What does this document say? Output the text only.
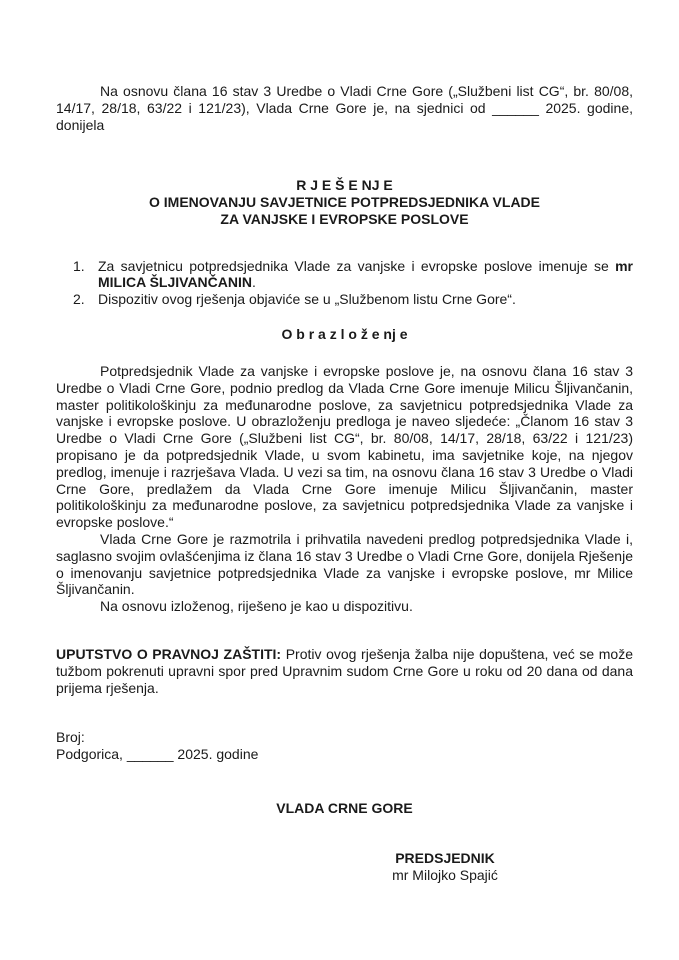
Na osnovu člana 16 stav 3 Uredbe o Vladi Crne Gore („Službeni list CG“, br. 80/08, 14/17, 28/18, 63/22 i 121/23), Vlada Crne Gore je, na sjednici od ______ 2025. godine, donijela

R J E Š E NJ E
O IMENOVANJU SAVJETNICE POTPREDSJEDNIKA VLADE
ZA VANJSKE I EVROPSKE POSLOVE
1. Za savjetnicu potpredsjednika Vlade za vanjske i evropske poslove imenuje se mr MILICA ŠLJIVANČANIN.
2. Dispozitiv ovog rješenja objaviće se u „Službenom listu Crne Gore“.
O b r a z l o ž e nj e

Potpredsjednik Vlade za vanjske i evropske poslove je, na osnovu člana 16 stav 3 Uredbe o Vladi Crne Gore, podnio predlog da Vlada Crne Gore imenuje Milicu Šljivančanin, master politikološkinju za međunarodne poslove, za savjetnicu potpredsjednika Vlade za vanjske i evropske poslove. U obrazloženju predloga je naveo sljedeće: „Članom 16 stav 3 Uredbe o Vladi Crne Gore („Službeni list CG“, br. 80/08, 14/17, 28/18, 63/22 i 121/23) propisano je da potpredsjednik Vlade, u svom kabinetu, ima savjetnike koje, na njegov predlog, imenuje i razrješava Vlada. U vezi sa tim, na osnovu člana 16 stav 3 Uredbe o Vladi Crne Gore, predlažem da Vlada Crne Gore imenuje Milicu Šljivančanin, master politikološkinju za međunarodne poslove, za savjetnicu potpredsjednika Vlade za vanjske i evropske poslove.“

Vlada Crne Gore je razmotrila i prihvatila navedeni predlog potpredsjednika Vlade i, saglasno svojim ovlašćenjima iz člana 16 stav 3 Uredbe o Vladi Crne Gore, donijela Rješenje o imenovanju savjetnice potpredsjednika Vlade za vanjske i evropske poslove, mr Milice Šljivančanin.

Na osnovu izloženog, riješeno je kao u dispozitivu.

UPUTSTVO O PRAVNOJ ZAŠTITI: Protiv ovog rješenja žalba nije dopuštena, već se može tužbom pokrenuti upravni spor pred Upravnim sudom Crne Gore u roku od 20 dana od dana prijema rješenja.

Broj:
Podgorica, ______ 2025. godine
VLADA CRNE GORE
PREDSJEDNIK
mr Milojko Spajić
